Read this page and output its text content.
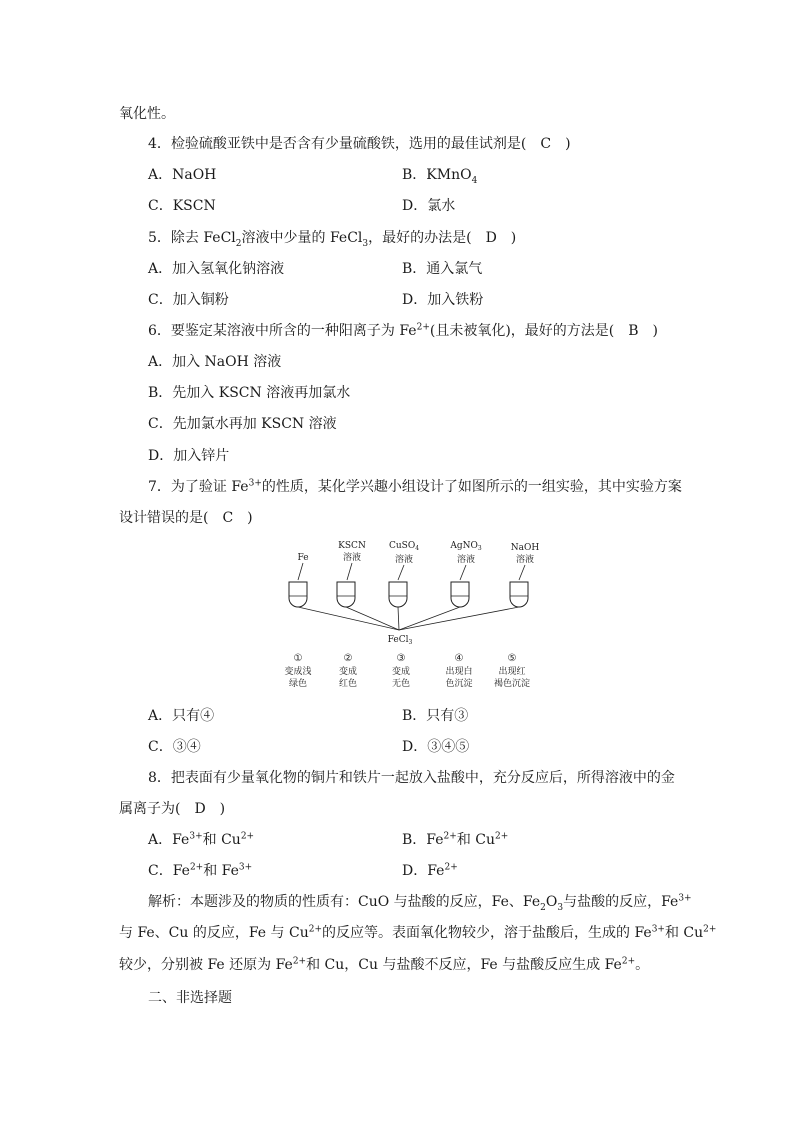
氧化性。
4．检验硫酸亚铁中是否含有少量硫酸铁，选用的最佳试剂是(　C　)
A．NaOH	B．KMnO$_4$
C．KSCN	D．氯水
5．除去 FeCl$_2$溶液中少量的 FeCl$_3$，最好的办法是(　D　)
A．加入氢氧化钠溶液	B．通入氯气
C．加入铜粉	D．加入铁粉
6．要鉴定某溶液中所含的一种阳离子为 $Fe^{2+}$(且未被氧化)，最好的方法是(　B　)
A．加入 NaOH 溶液
B．先加入 KSCN 溶液再加氯水
C．先加氯水再加 KSCN 溶液
D．加入锌片
7．为了验证 $Fe^{3+}$的性质，某化学兴趣小组设计了如图所示的一组实验，其中实验方案
设计错误的是(　C　)
Fe
KSCN
溶液
CuSO$_4$
溶液
AgNO$_3$
溶液
NaOH
溶液
FeCl$_3$
①
变成浅
绿色
②
变成
红色
③
变成
无色
④
出现白
色沉淀
⑤
出现红
褐色沉淀
A．只有④	B．只有③
C．③④	D．③④⑤
8．把表面有少量氧化物的铜片和铁片一起放入盐酸中，充分反应后，所得溶液中的金
属离子为(　D　)
A．$Fe^{3+}$和 $Cu^{2+}$	B．$Fe^{2+}$和 $Cu^{2+}$
C．$Fe^{2+}$和 $Fe^{3+}$	D．$Fe^{2+}$
解析：本题涉及的物质的性质有：CuO 与盐酸的反应，Fe、$Fe_2O_3$与盐酸的反应，$Fe^{3+}$
与 Fe、Cu 的反应，Fe 与 $Cu^{2+}$的反应等。表面氧化物较少，溶于盐酸后，生成的 $Fe^{3+}$和 $Cu^{2+}$
较少，分别被 Fe 还原为 $Fe^{2+}$和 Cu，Cu 与盐酸不反应，Fe 与盐酸反应生成 $Fe^{2+}$。
二、非选择题
